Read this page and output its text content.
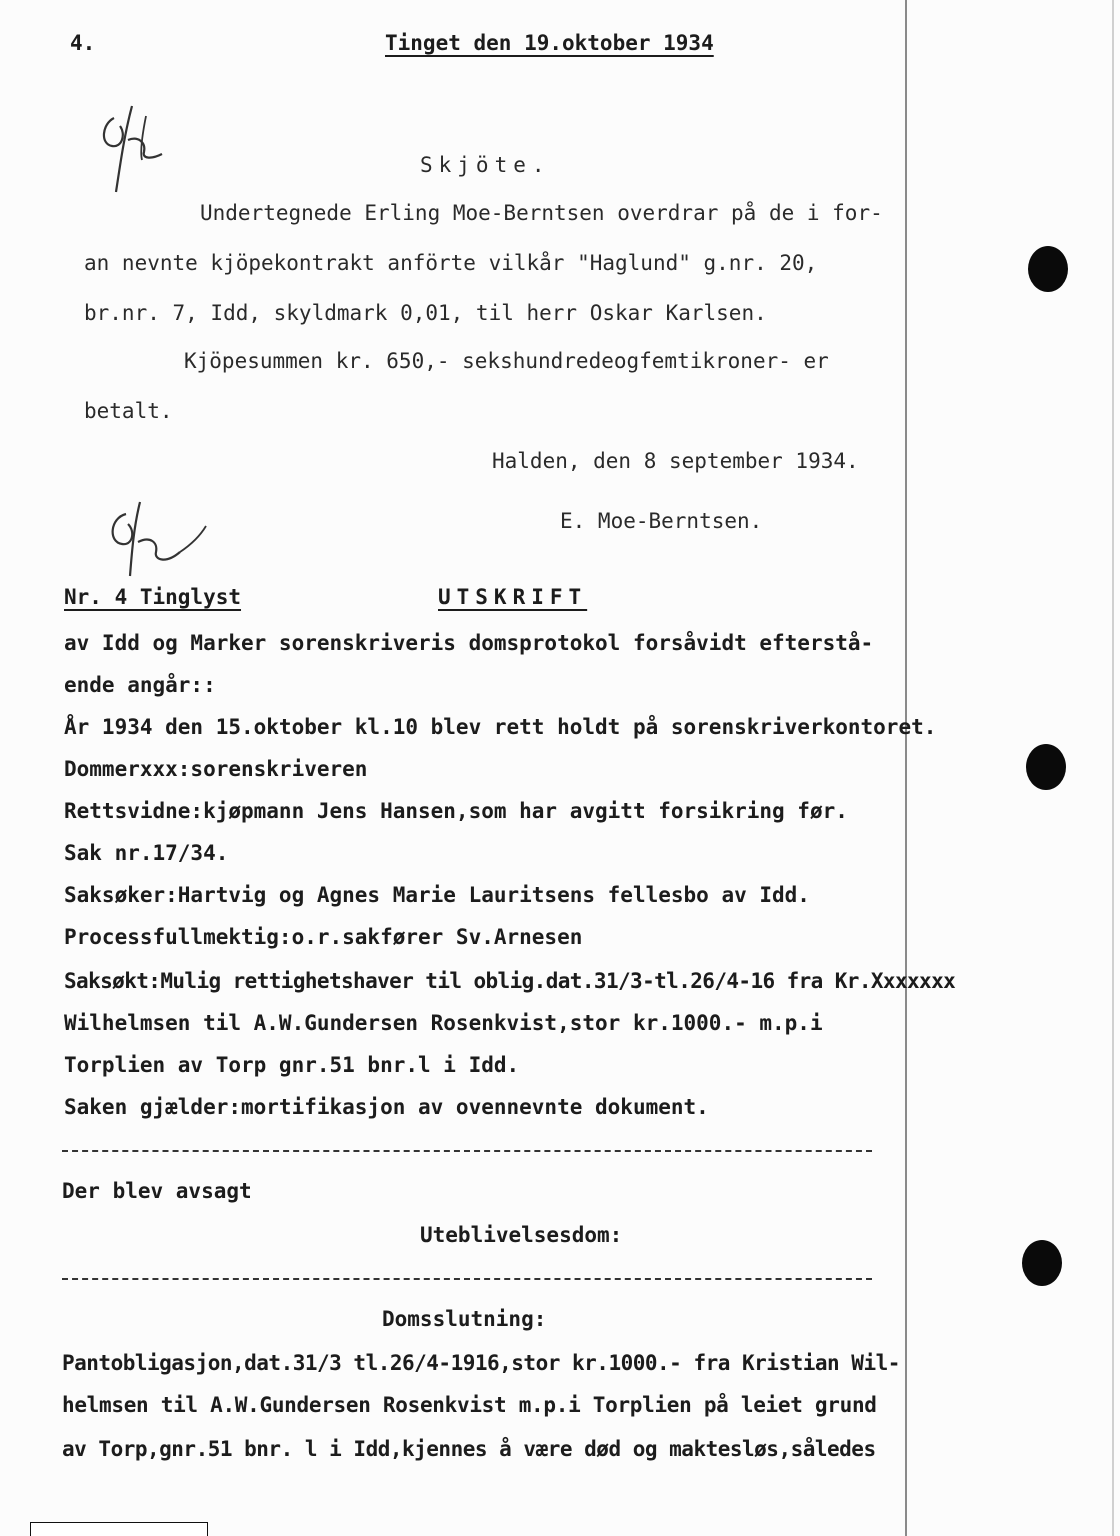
4.	Tinget den 19.oktober 1934
Skjöte.
Undertegnede Erling Moe-Berntsen overdrar på de i for-
an nevnte kjöpekontrakt anförte vilkår "Haglund" g.nr. 20,
br.nr. 7, Idd, skyldmark 0,01, til herr Oskar Karlsen.
Kjöpesummen kr. 650,- sekshundredeogfemtikroner- er
betalt.
Halden, den 8 september 1934.
E. Moe-Berntsen.
Nr. 4 Tinglyst	UTSKRIFT
av Idd og Marker sorenskriveris domsprotokol forsåvidt efterstå-
ende angår::
År 1934 den 15.oktober kl.10 blev rett holdt på sorenskriverkontoret.
Dommerxxx:sorenskriveren
Rettsvidne:kjøpmann Jens Hansen,som har avgitt forsikring før.
Sak nr.17/34.
Saksøker:Hartvig og Agnes Marie Lauritsens fellesbo av Idd.
Processfullmektig:o.r.sakfører Sv.Arnesen
Saksøkt:Mulig rettighetshaver til oblig.dat.31/3-tl.26/4-16 fra Kr.Xxxxxxx
Wilhelmsen til A.W.Gundersen Rosenkvist,stor kr.1000.- m.p.i
Torplien av Torp gnr.51 bnr.l i Idd.
Saken gjælder:mortifikasjon av ovennevnte dokument.
Der blev avsagt
Uteblivelsesdom:
Domsslutning:
Pantobligasjon,dat.31/3 tl.26/4-1916,stor kr.1000.- fra Kristian Wil-
helmsen til A.W.Gundersen Rosenkvist m.p.i Torplien på leiet grund
av Torp,gnr.51 bnr. l i Idd,kjennes å være død og maktesløs,således
